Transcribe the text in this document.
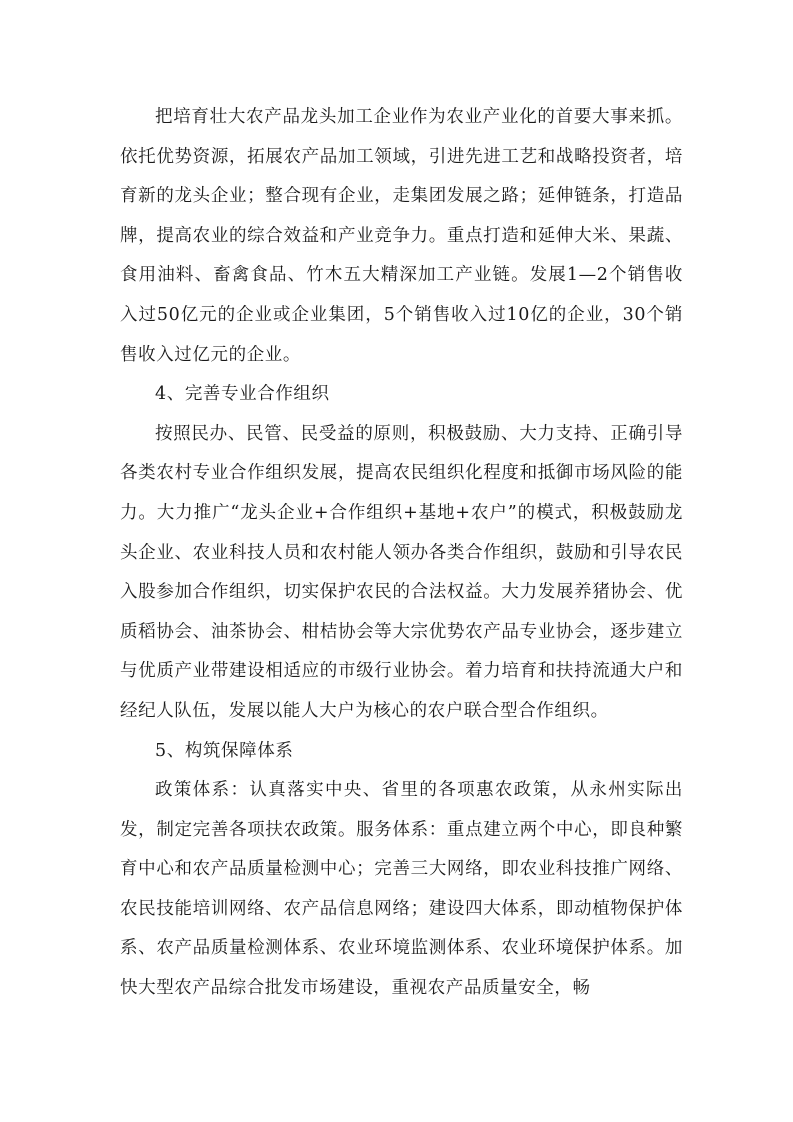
把培育壮大农产品龙头加工企业作为农业产业化的首要大事来抓。依托优势资源，拓展农产品加工领域，引进先进工艺和战略投资者，培育新的龙头企业；整合现有企业，走集团发展之路；延伸链条，打造品牌，提高农业的综合效益和产业竞争力。重点打造和延伸大米、果蔬、食用油料、畜禽食品、竹木五大精深加工产业链。发展1—2个销售收入过50亿元的企业或企业集团，5个销售收入过10亿的企业，30个销售收入过亿元的企业。

4、完善专业合作组织

按照民办、民管、民受益的原则，积极鼓励、大力支持、正确引导各类农村专业合作组织发展，提高农民组织化程度和抵御市场风险的能力。大力推广“龙头企业+合作组织+基地+农户”的模式，积极鼓励龙头企业、农业科技人员和农村能人领办各类合作组织，鼓励和引导农民入股参加合作组织，切实保护农民的合法权益。大力发展养猪协会、优质稻协会、油茶协会、柑桔协会等大宗优势农产品专业协会，逐步建立与优质产业带建设相适应的市级行业协会。着力培育和扶持流通大户和经纪人队伍，发展以能人大户为核心的农户联合型合作组织。

5、构筑保障体系

政策体系：认真落实中央、省里的各项惠农政策，从永州实际出发，制定完善各项扶农政策。服务体系：重点建立两个中心，即良种繁育中心和农产品质量检测中心；完善三大网络，即农业科技推广网络、农民技能培训网络、农产品信息网络；建设四大体系，即动植物保护体系、农产品质量检测体系、农业环境监测体系、农业环境保护体系。加快大型农产品综合批发市场建设，重视农产品质量安全，畅
